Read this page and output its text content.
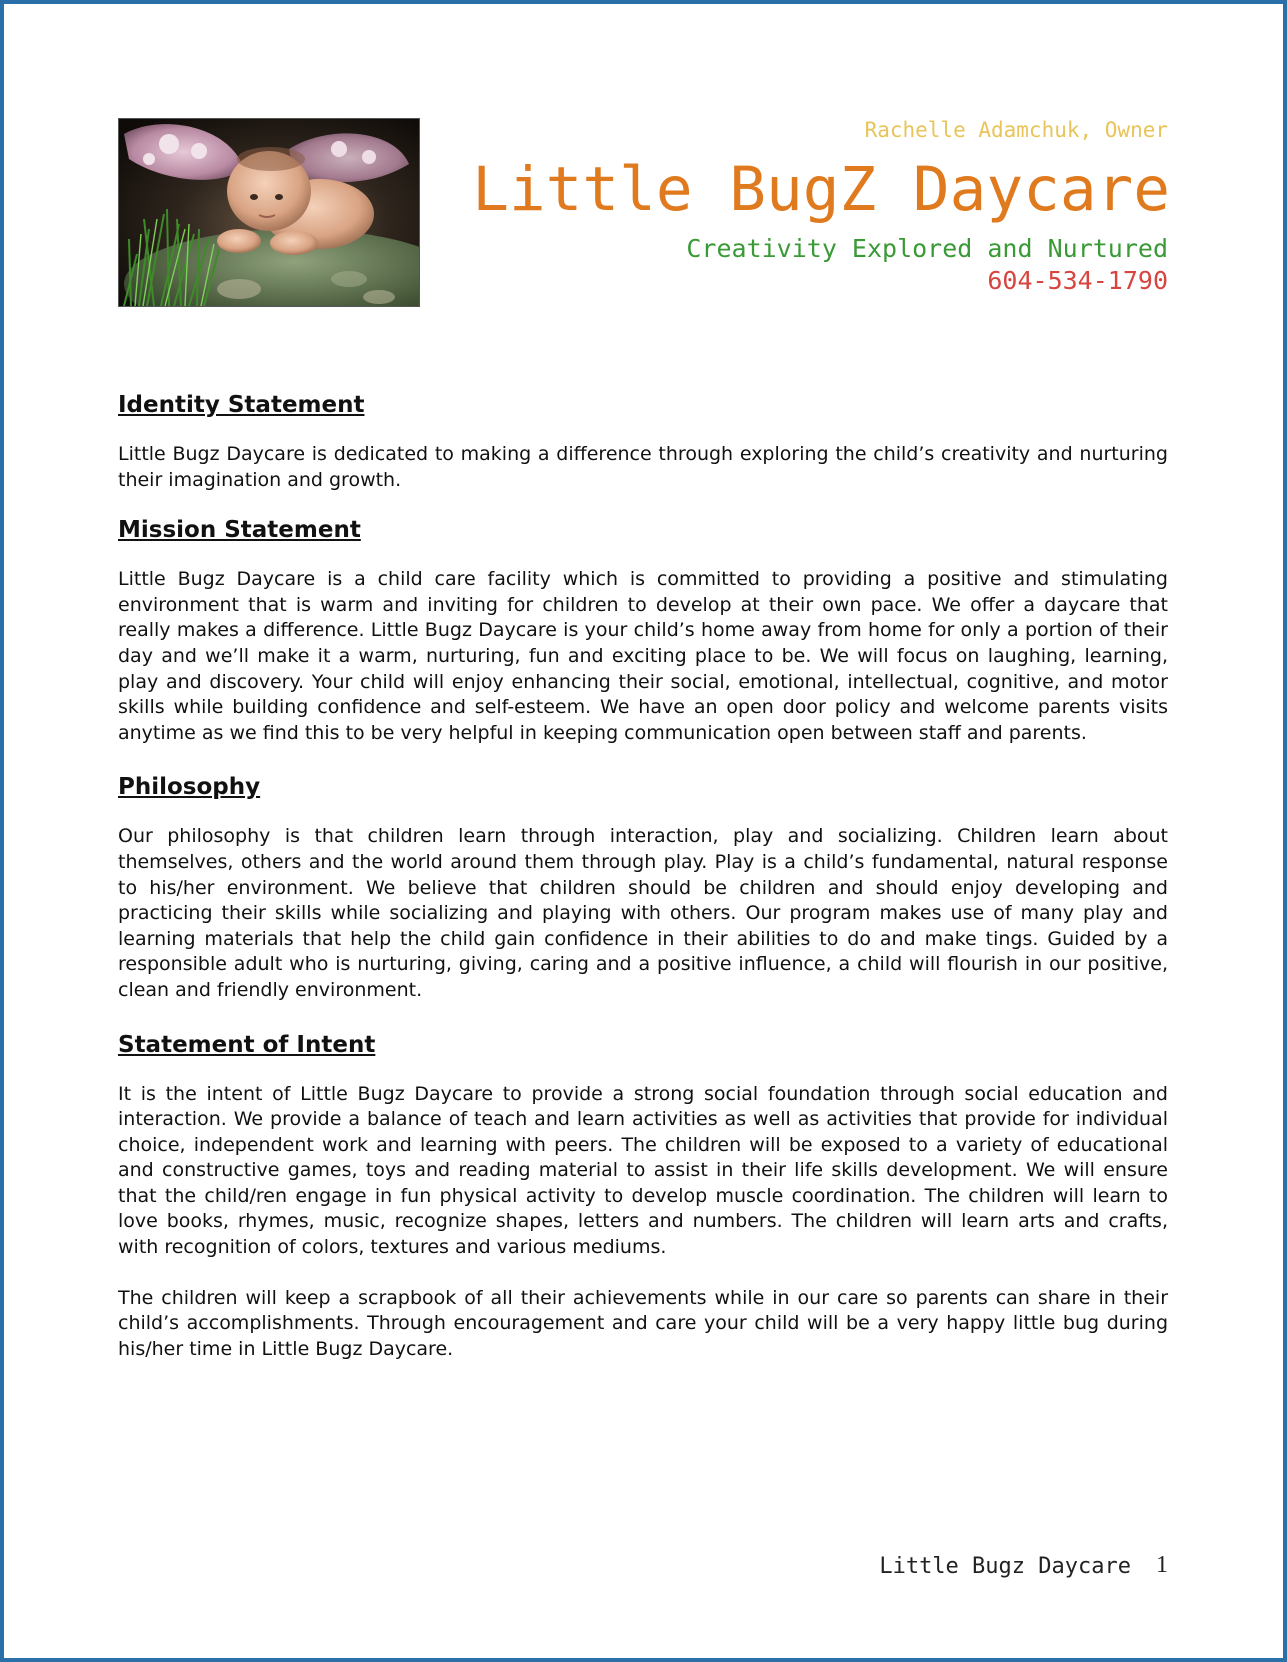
Rachelle Adamchuk, Owner
Little BugZ Daycare
Creativity Explored and Nurtured
604-534-1790
Identity Statement

Little Bugz Daycare is dedicated to making a difference through exploring the child’s creativity and nurturing their imagination and growth.

Mission Statement

Little Bugz Daycare is a child care facility which is committed to providing a positive and stimulating environment that is warm and inviting for children to develop at their own pace. We offer a daycare that really makes a difference. Little Bugz Daycare is your child’s home away from home for only a portion of their day and we’ll make it a warm, nurturing, fun and exciting place to be. We will focus on laughing, learning, play and discovery. Your child will enjoy enhancing their social, emotional, intellectual, cognitive, and motor skills while building confidence and self-esteem. We have an open door policy and welcome parents visits anytime as we find this to be very helpful in keeping communication open between staff and parents.

Philosophy

Our philosophy is that children learn through interaction, play and socializing. Children learn about themselves, others and the world around them through play. Play is a child’s fundamental, natural response to his/her environment. We believe that children should be children and should enjoy developing and practicing their skills while socializing and playing with others. Our program makes use of many play and learning materials that help the child gain confidence in their abilities to do and make tings. Guided by a responsible adult who is nurturing, giving, caring and a positive influence, a child will flourish in our positive, clean and friendly environment.

Statement of Intent

It is the intent of Little Bugz Daycare to provide a strong social foundation through social education and interaction. We provide a balance of teach and learn activities as well as activities that provide for individual choice, independent work and learning with peers. The children will be exposed to a variety of educational and constructive games, toys and reading material to assist in their life skills development. We will ensure that the child/ren engage in fun physical activity to develop muscle coordination. The children will learn to love books, rhymes, music, recognize shapes, letters and numbers. The children will learn arts and crafts, with recognition of colors, textures and various mediums.

The children will keep a scrapbook of all their achievements while in our care so parents can share in their child’s accomplishments. Through encouragement and care your child will be a very happy little bug during his/her time in Little Bugz Daycare.

Little Bugz Daycare 1
